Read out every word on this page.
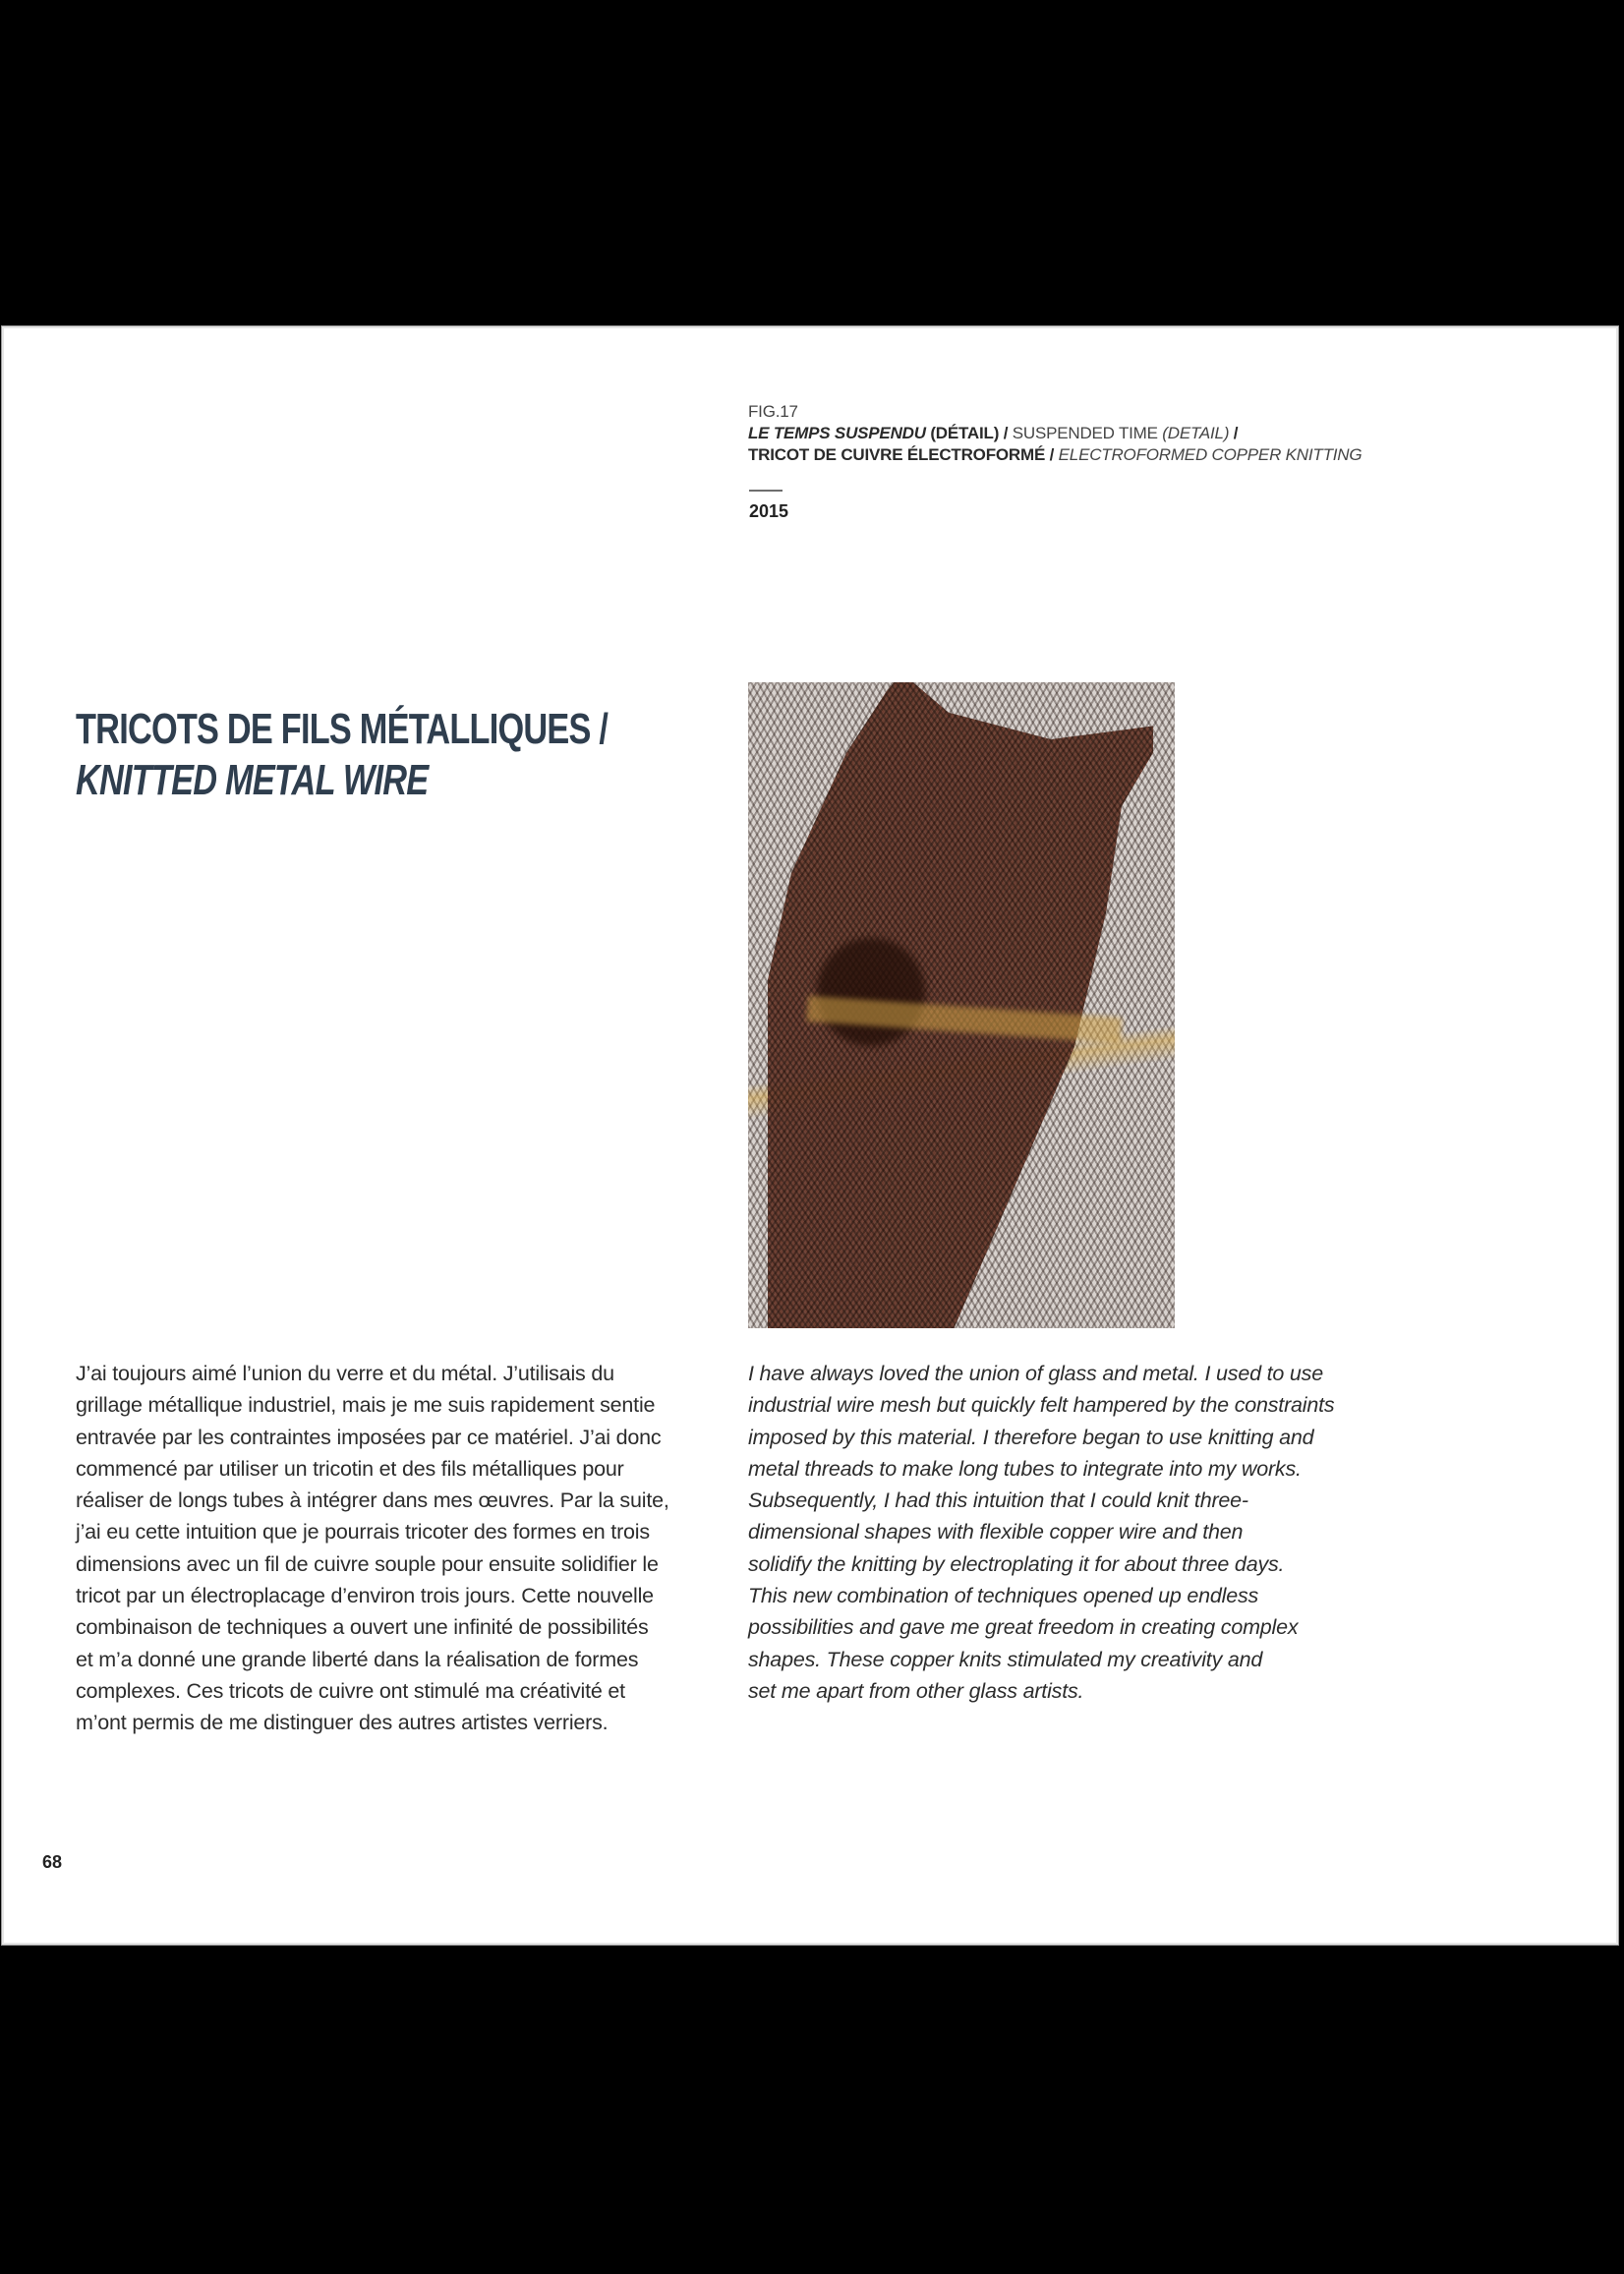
FIG.17
LE TEMPS SUSPENDU (DÉTAIL) / SUSPENDED TIME (DETAIL) /
TRICOT DE CUIVRE ÉLECTROFORMÉ / ELECTROFORMED COPPER KNITTING
2015
TRICOTS DE FILS MÉTALLIQUES /
KNITTED METAL WIRE
J’ai toujours aimé l’union du verre et du métal. J’utilisais du
grillage métallique industriel, mais je me suis rapidement sentie
entravée par les contraintes imposées par ce matériel. J’ai donc
commencé par utiliser un tricotin et des fils métalliques pour
réaliser de longs tubes à intégrer dans mes œuvres. Par la suite,
j’ai eu cette intuition que je pourrais tricoter des formes en trois
dimensions avec un fil de cuivre souple pour ensuite solidifier le
tricot par un électroplacage d’environ trois jours. Cette nouvelle
combinaison de techniques a ouvert une infinité de possibilités
et m’a donné une grande liberté dans la réalisation de formes
complexes. Ces tricots de cuivre ont stimulé ma créativité et
m’ont permis de me distinguer des autres artistes verriers.
I have always loved the union of glass and metal. I used to use
industrial wire mesh but quickly felt hampered by the constraints
imposed by this material. I therefore began to use knitting and
metal threads to make long tubes to integrate into my works.
Subsequently, I had this intuition that I could knit three-
dimensional shapes with flexible copper wire and then
solidify the knitting by electroplating it for about three days.
This new combination of techniques opened up endless
possibilities and gave me great freedom in creating complex
shapes. These copper knits stimulated my creativity and
set me apart from other glass artists.
68
